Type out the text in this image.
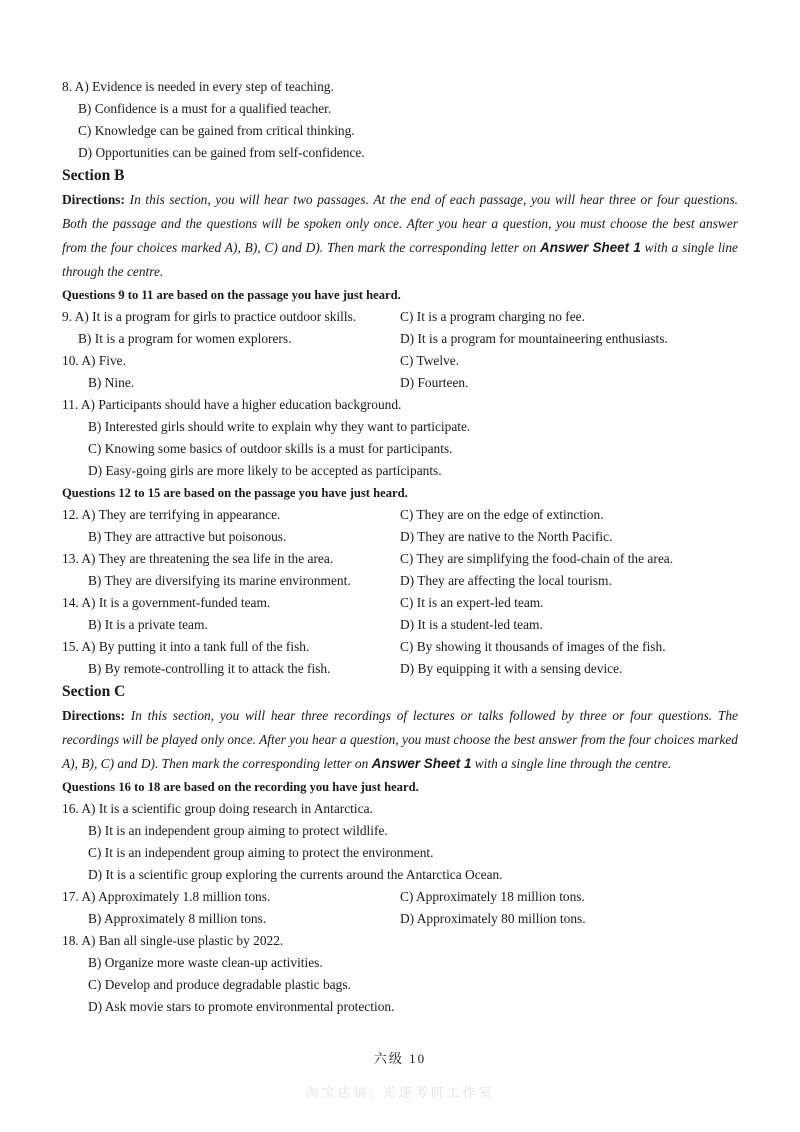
8. A) Evidence is needed in every step of teaching.
B) Confidence is a must for a qualified teacher.
C) Knowledge can be gained from critical thinking.
D) Opportunities can be gained from self-confidence.
Section B
Directions: In this section, you will hear two passages. At the end of each passage, you will hear three or four questions. Both the passage and the questions will be spoken only once. After you hear a question, you must choose the best answer from the four choices marked A), B), C) and D). Then mark the corresponding letter on Answer Sheet 1 with a single line through the centre.
Questions 9 to 11 are based on the passage you have just heard.
9. A) It is a program for girls to practice outdoor skills.	C) It is a program charging no fee.
B) It is a program for women explorers.	D) It is a program for mountaineering enthusiasts.
10. A) Five.	C) Twelve.
B) Nine.	D) Fourteen.
11. A) Participants should have a higher education background.
B) Interested girls should write to explain why they want to participate.
C) Knowing some basics of outdoor skills is a must for participants.
D) Easy-going girls are more likely to be accepted as participants.
Questions 12 to 15 are based on the passage you have just heard.
12. A) They are terrifying in appearance.	C) They are on the edge of extinction.
B) They are attractive but poisonous.	D) They are native to the North Pacific.
13. A) They are threatening the sea life in the area.	C) They are simplifying the food-chain of the area.
B) They are diversifying its marine environment.	D) They are affecting the local tourism.
14. A) It is a government-funded team.	C) It is an expert-led team.
B) It is a private team.	D) It is a student-led team.
15. A) By putting it into a tank full of the fish.	C) By showing it thousands of images of the fish.
B) By remote-controlling it to attack the fish.	D) By equipping it with a sensing device.
Section C
Directions: In this section, you will hear three recordings of lectures or talks followed by three or four questions. The recordings will be played only once. After you hear a question, you must choose the best answer from the four choices marked A), B), C) and D). Then mark the corresponding letter on Answer Sheet 1 with a single line through the centre.
Questions 16 to 18 are based on the recording you have just heard.
16. A) It is a scientific group doing research in Antarctica.
B) It is an independent group aiming to protect wildlife.
C) It is an independent group aiming to protect the environment.
D) It is a scientific group exploring the currents around the Antarctica Ocean.
17. A) Approximately 1.8 million tons.	C) Approximately 18 million tons.
B) Approximately 8 million tons.	D) Approximately 80 million tons.
18. A) Ban all single-use plastic by 2022.
B) Organize more waste clean-up activities.
C) Develop and produce degradable plastic bags.
D) Ask movie stars to promote environmental protection.
六级 10
淘宝店铺: 光速考研工作室
